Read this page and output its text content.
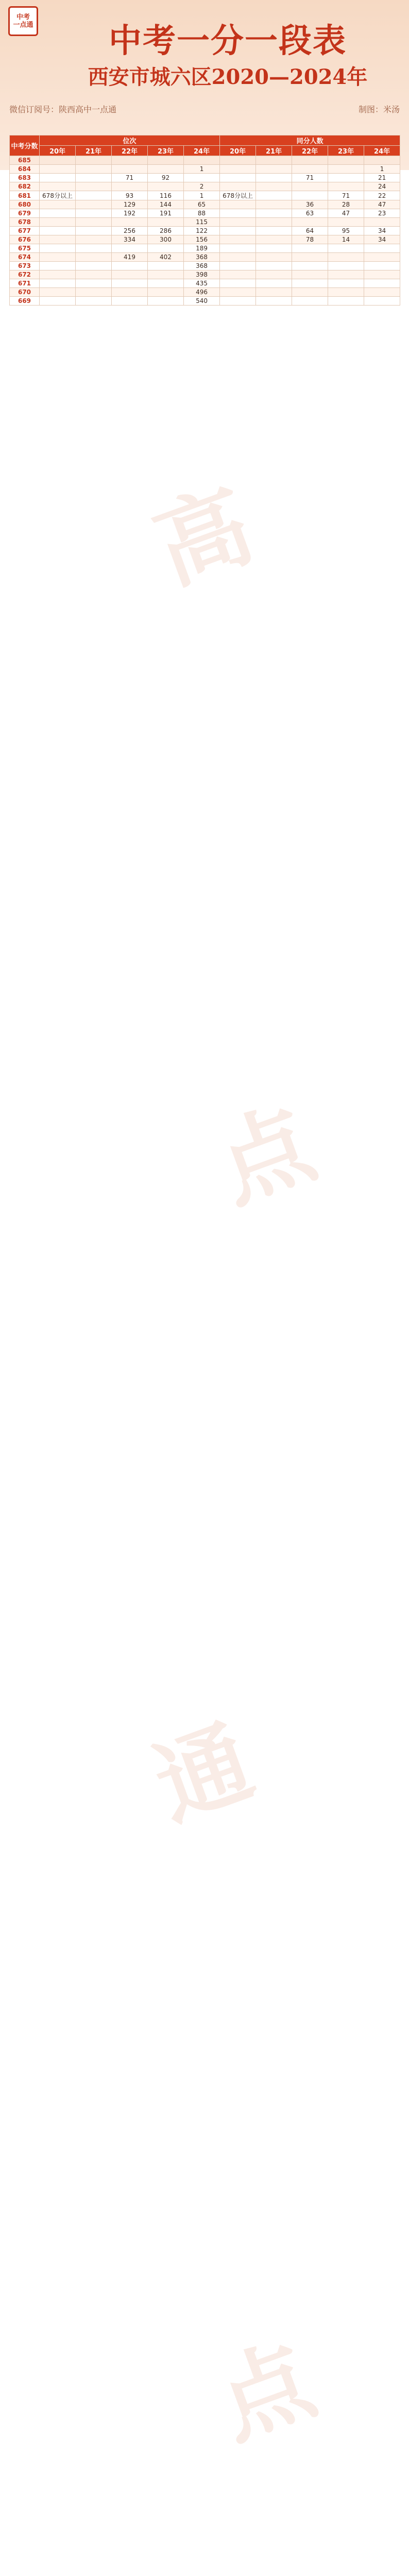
中考
一点通	中考一分一段表
西安市城六区2020—2024年
微信订阅号：陕西高中一点通	制图：米汤
高
点
通
点
中考分数	位次					同分人数				
	20年	21年	22年	23年	24年	20年	21年	22年	23年	24年
685										
684					1					1
683			71	92				71		21
682					2					24
681	678分以上		93	116	1	678分以上			71	22
680			129	144	65			36	28	47
679			192	191	88			63	47	23
678					115					
677			256	286	122			64	95	34
676			334	300	156			78	14	34
675					189					
674			419	402	368					
673					368					
672					398					
671					435					
670					496					
669					540					
